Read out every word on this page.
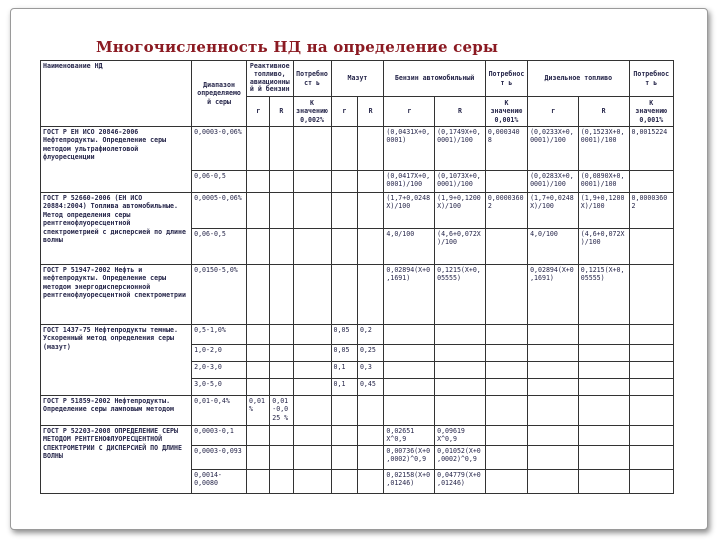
Многочисленность НД на определение серы
Наименование НД	Диапазон определяемо й серы	Реактивное топливо, авиационный й бензин		Потребност ь	Мазут		Бензин автомобильный		Потребност ь	Дизельное топливо		Потребност ь
		r	R	К значению 0,002%	r	R	r	R	К значению 0,001%	r	R	К значению 0,001%
ГОСТ Р ЕН ИСО 20846-2006 Нефтепродукты. Определение серы методом ультрафиолетовой флуоресценции	0,0003-0,06%						(0,0431X+0,0001)	(0,1749X+0,0001)/100	0,000340 8	(0,0233X+0,0001)/100	(0,1523X+0,0001)/100	0,0015224
	0,06-0,5						(0,0417X+0,0001)/100	(0,1073X+0,0001)/100		(0,0283X+0,0001)/100	(0,0890X+0,0001)/100	
ГОСТ Р 52660-2006 (ЕН ИСО 20884:2004) Топлива автомобильные. Метод определения серы рентгенофлуоресцентной спектрометрией с дисперсией по длине волны	0,0005-0,06%						(1,7+0,0248X)/100	(1,9+0,1200X)/100	0,0000360 2	(1,7+0,0248X)/100	(1,9+0,1200X)/100	0,0000360 2
	0,06-0,5						4,0/100	(4,6+0,072X)/100		4,0/100	(4,6+0,072X)/100	
ГОСТ Р 51947-2002 Нефть и нефтепродукты. Определение серы методом энергодисперсионной рентгенофлуоресцентной спектрометрии	0,0150-5,0%						0,02894(X+0,1691)	0,1215(X+0,05555)		0,02894(X+0,1691)	0,1215(X+0,05555)	
ГОСТ 1437-75 Нефтепродукты темные. Ускоренный метод определения серы (мазут)	0,5-1,0%				0,05	0,2						
	1,0-2,0				0,05	0,25						
	2,0-3,0				0,1	0,3						
	3,0-5,0				0,1	0,45						
ГОСТ Р 51859-2002 Нефтепродукты. Определение серы ламповым методом	0,01-0,4%	0,01 %	0,01-0,025 %									
ГОСТ Р 52203-2008 ОПРЕДЕЛЕНИЕ СЕРЫ МЕТОДОМ РЕНТГЕНОФЛУОРЕСЦЕНТНОЙ СПЕКТРОМЕТРИИ С ДИСПЕРСИЕЙ ПО ДЛИНЕ ВОЛНЫ	0,0003-0,1						0,02651 Х^0,9	0,09619 Х^0,9				
	0,0003-0,093						0,00736(Х+0,0002)^0,9	0,01052(Х+0,0002)^0,9				
	0,0014-0,0080						0,02158(Х+0,01246)	0,04779(Х+0,01246)				
